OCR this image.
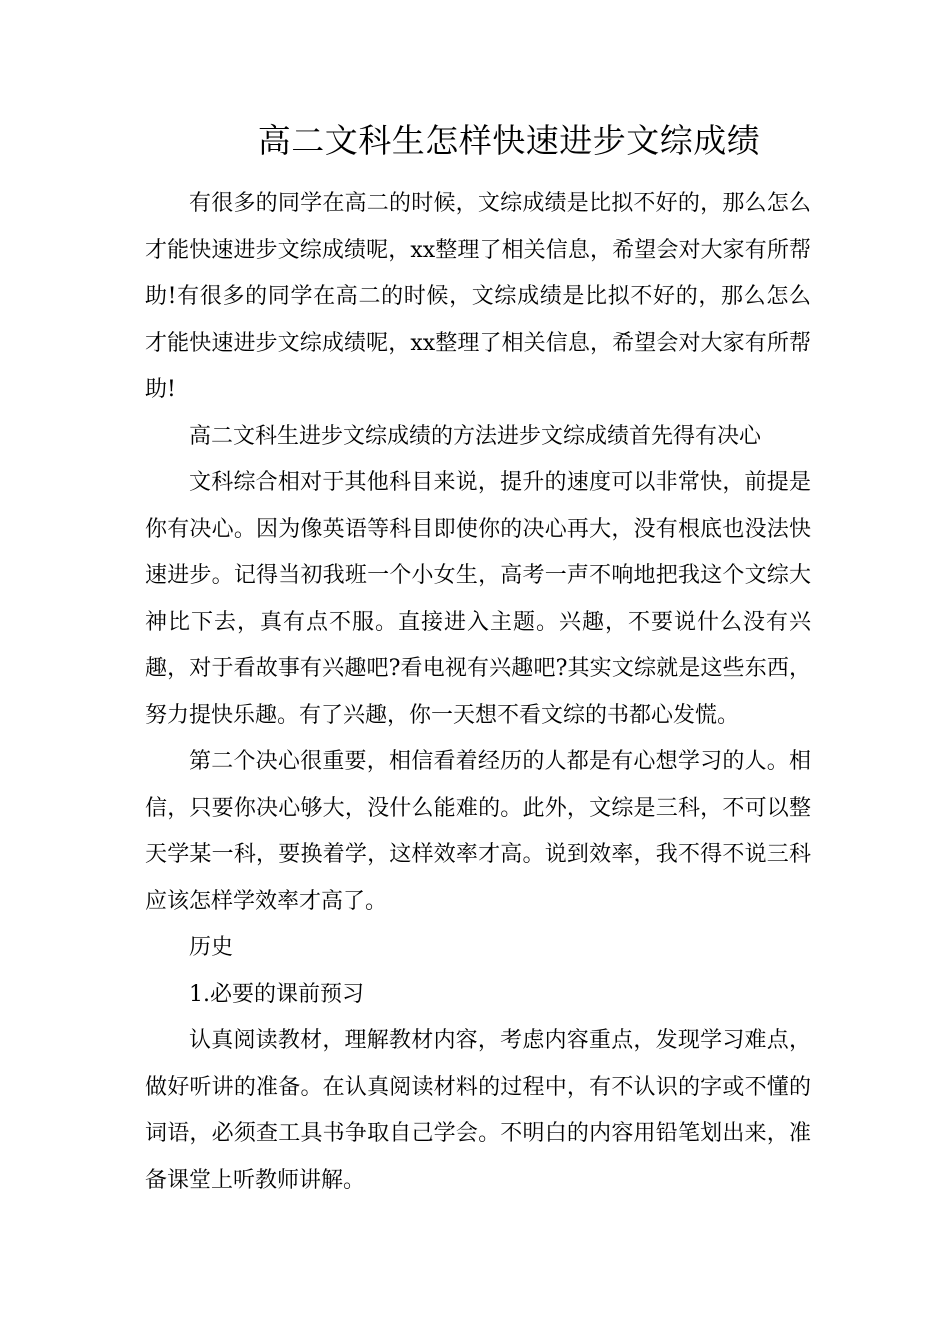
高二文科生怎样快速进步文综成绩

有很多的同学在高二的时候，文综成绩是比拟不好的，那么怎么才能快速进步文综成绩呢，xx整理了相关信息，希望会对大家有所帮助!有很多的同学在高二的时候，文综成绩是比拟不好的，那么怎么才能快速进步文综成绩呢，xx整理了相关信息，希望会对大家有所帮助!

高二文科生进步文综成绩的方法进步文综成绩首先得有决心

文科综合相对于其他科目来说，提升的速度可以非常快，前提是你有决心。因为像英语等科目即使你的决心再大，没有根底也没法快速进步。记得当初我班一个小女生，高考一声不响地把我这个文综大神比下去，真有点不服。直接进入主题。兴趣，不要说什么没有兴趣，对于看故事有兴趣吧?看电视有兴趣吧?其实文综就是这些东西，努力提快乐趣。有了兴趣，你一天想不看文综的书都心发慌。

第二个决心很重要，相信看着经历的人都是有心想学习的人。相信，只要你决心够大，没什么能难的。此外，文综是三科，不可以整天学某一科，要换着学，这样效率才高。说到效率，我不得不说三科应该怎样学效率才高了。

历史

1.必要的课前预习

认真阅读教材，理解教材内容，考虑内容重点，发现学习难点，做好听讲的准备。在认真阅读材料的过程中，有不认识的字或不懂的词语，必须查工具书争取自己学会。不明白的内容用铅笔划出来，准备课堂上听教师讲解。
